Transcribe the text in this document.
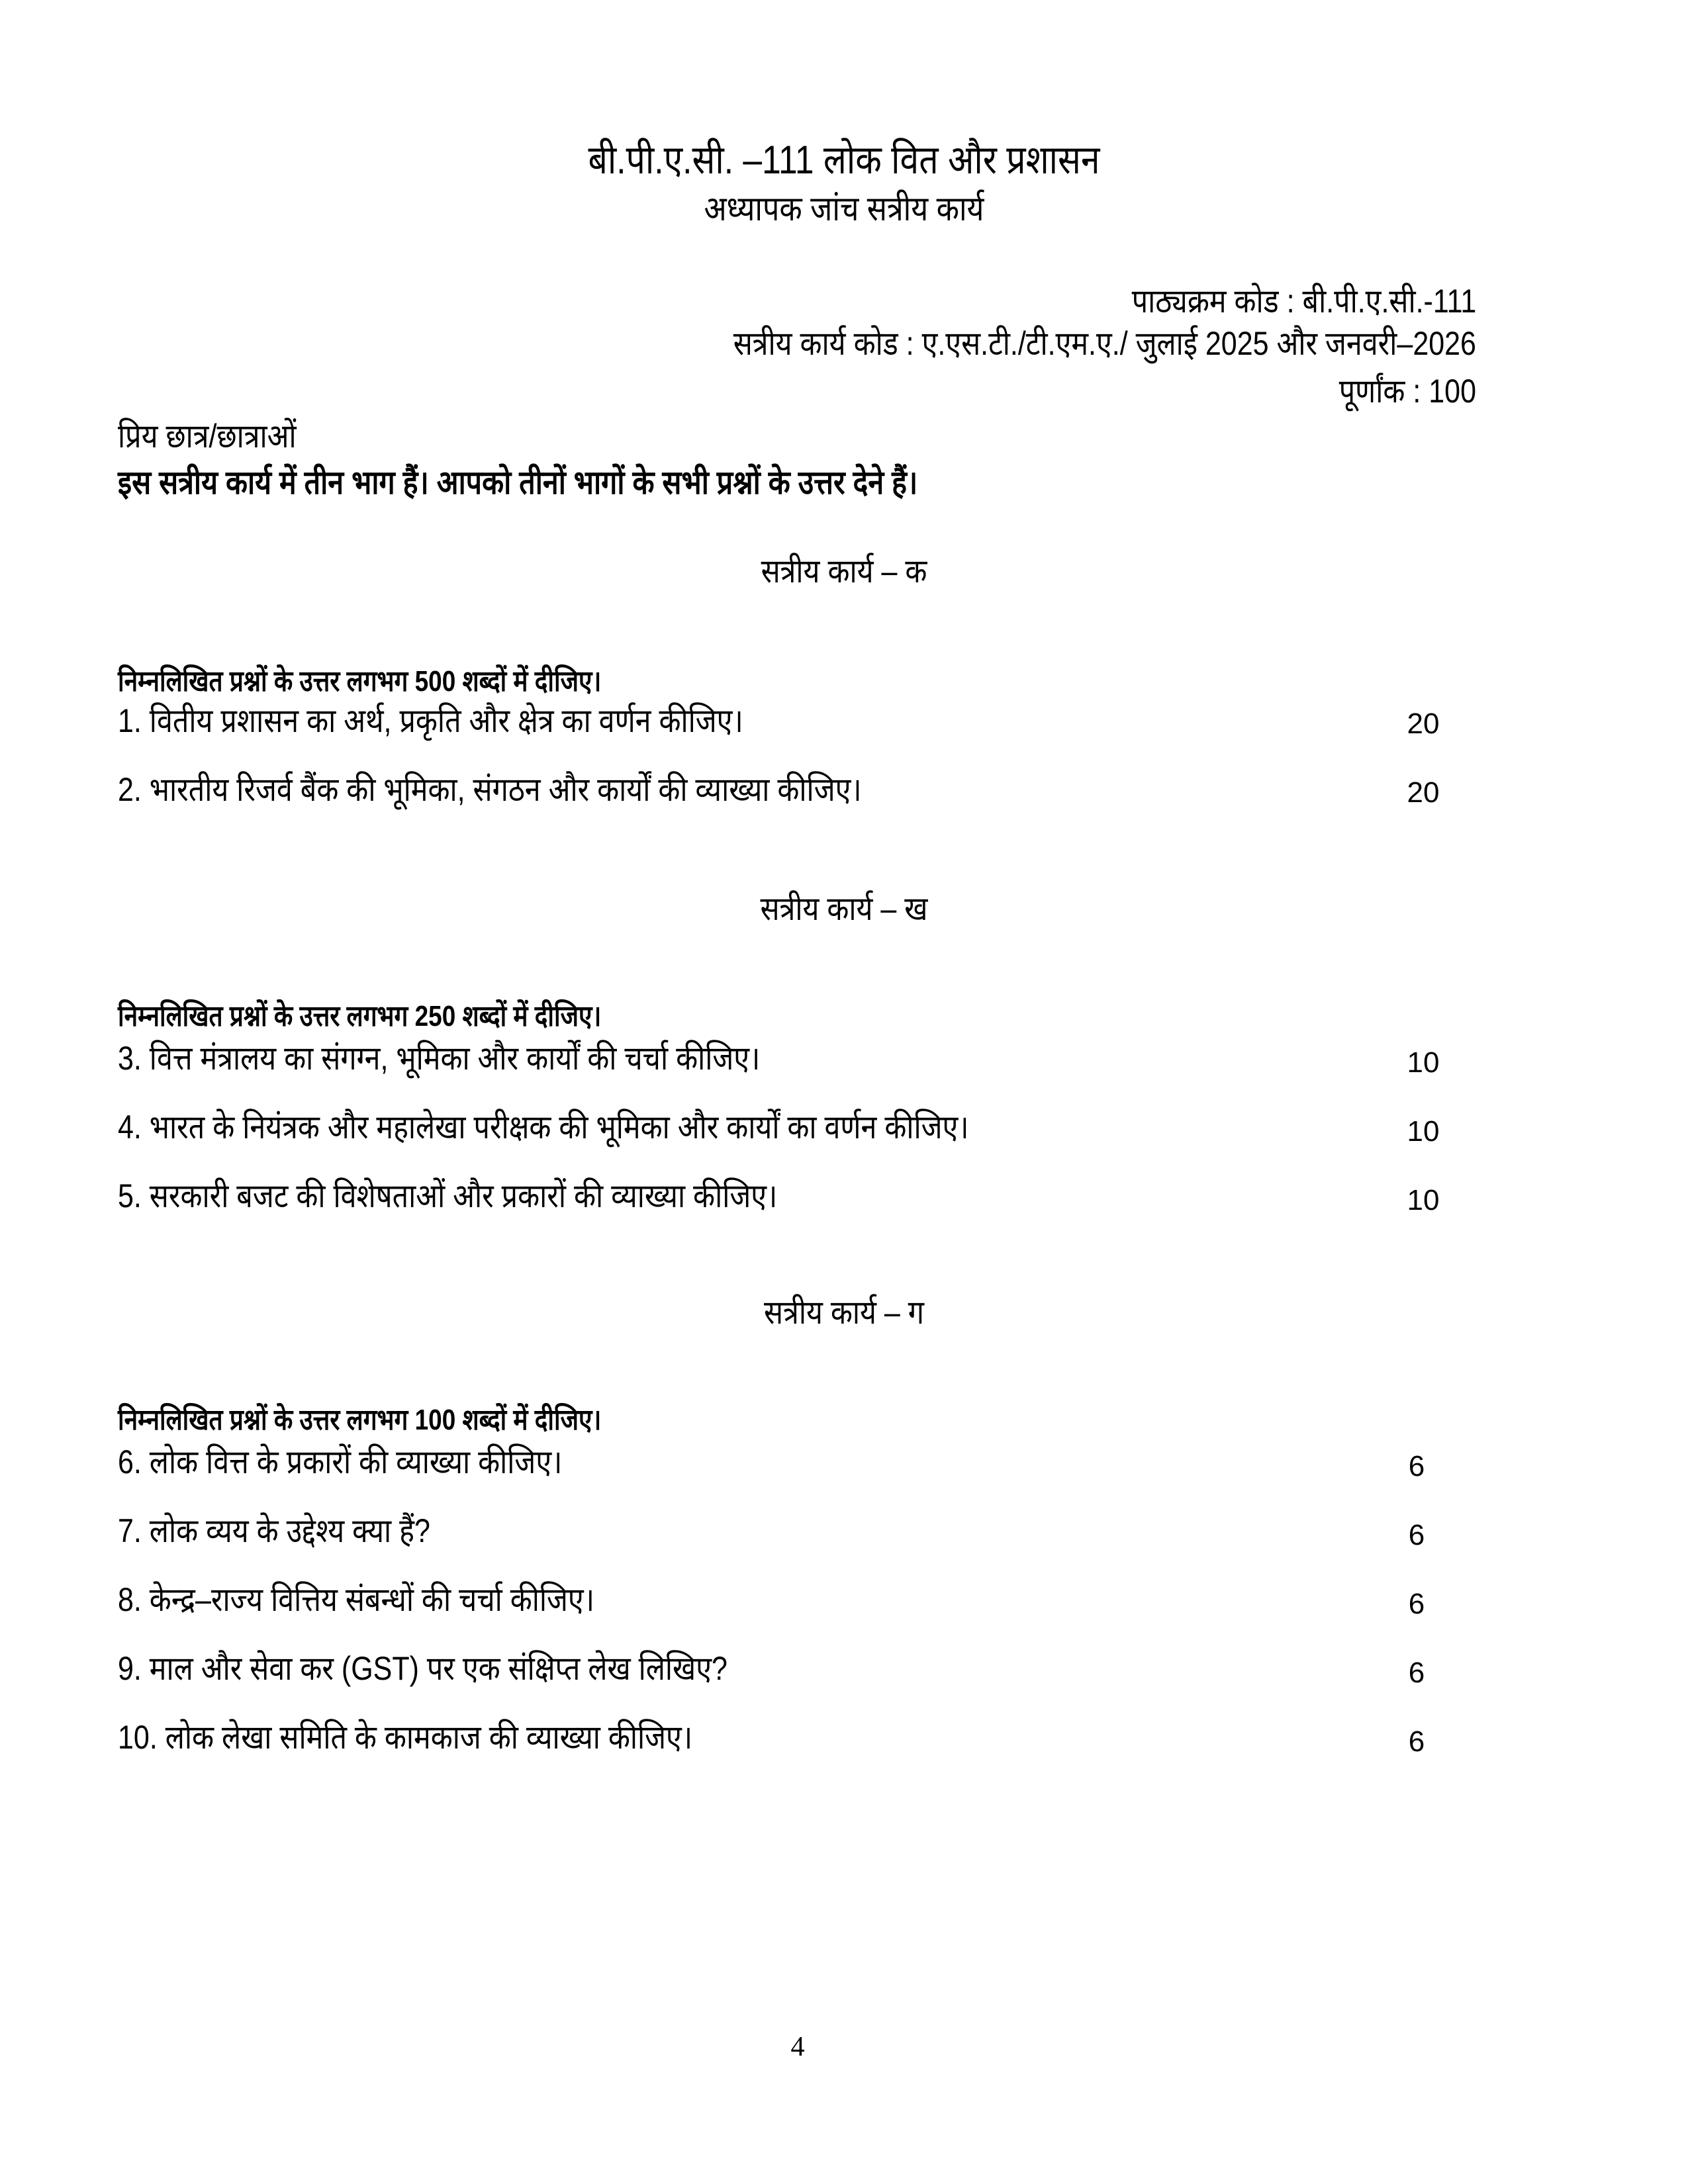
बी.पी.ए.सी. –111 लोक वित और प्रशासन
अध्यापक जांच सत्रीय कार्य
पाठ्यक्रम कोड : बी.पी.ए.सी.-111
सत्रीय कार्य कोड : ए.एस.टी./टी.एम.ए./ जुलाई 2025 और जनवरी–2026
पूर्णांक : 100
प्रिय छात्र/छात्राओं
इस सत्रीय कार्य में तीन भाग हैं। आपको तीनों भागों के सभी प्रश्नों के उत्तर देने हैं।
सत्रीय कार्य – क
निम्नलिखित प्रश्नों के उत्तर लगभग 500 शब्दों में दीजिए।
1. वितीय प्रशासन का अर्थ, प्रकृति और क्षेत्र का वर्णन कीजिए।	20
2. भारतीय रिजर्व बैंक की भूमिका, संगठन और कार्यों की व्याख्या कीजिए।	20
सत्रीय कार्य – ख
निम्नलिखित प्रश्नों के उत्तर लगभग 250 शब्दों में दीजिए।
3. वित्त मंत्रालय का संगग्न, भूमिका और कार्यों की चर्चा कीजिए।	10
4. भारत के नियंत्रक और महालेखा परीक्षक की भूमिका और कार्यों का वर्णन कीजिए।	10
5. सरकारी बजट की विशेषताओं और प्रकारों की व्याख्या कीजिए।	10
सत्रीय कार्य – ग
निम्नलिखित प्रश्नों के उत्तर लगभग 100 शब्दों में दीजिए।
6. लोक वित्त के प्रकारों की व्याख्या कीजिए।	6
7. लोक व्यय के उद्देश्य क्या हैं?	6
8. केन्द्र–राज्य वित्तिय संबन्धों की चर्चा कीजिए।	6
9. माल और सेवा कर (GST) पर एक संक्षिप्त लेख लिखिए?	6
10. लोक लेखा समिति के कामकाज की व्याख्या कीजिए।	6
4
